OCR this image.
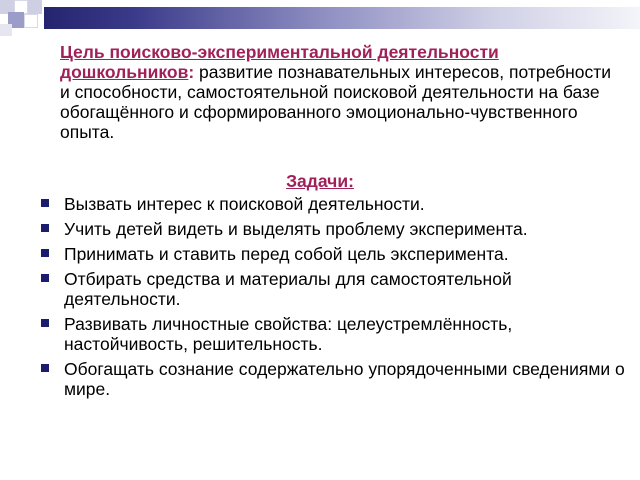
Цель поисково-экспериментальной деятельности дошкольников: развитие познавательных интересов, потребности и способности, самостоятельной поисковой деятельности на базе обогащённого и сформированного эмоционально-чувственного опыта.
Задачи:
Вызвать интерес к поисковой деятельности.
Учить детей видеть и выделять проблему эксперимента.
Принимать и ставить перед собой цель эксперимента.
Отбирать средства и материалы для самостоятельной деятельности.
Развивать личностные свойства: целеустремлённость, настойчивость, решительность.
Обогащать сознание содержательно упорядоченными сведениями о мире.
